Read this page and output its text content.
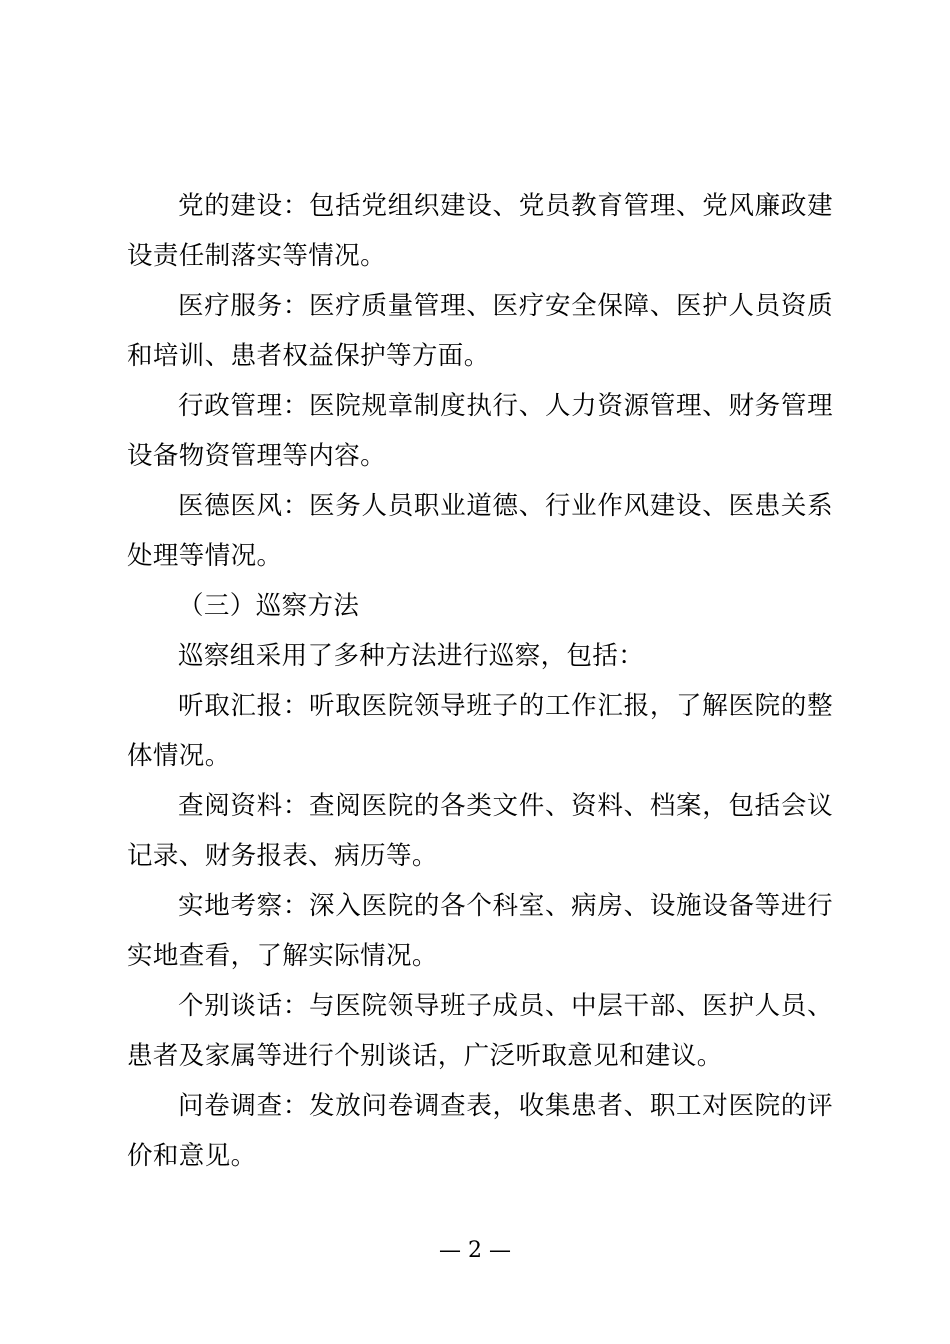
党的建设：包括党组织建设、党员教育管理、党风廉政建设责任制落实等情况。

医疗服务：医疗质量管理、医疗安全保障、医护人员资质和培训、患者权益保护等方面。

行政管理：医院规章制度执行、人力资源管理、财务管理设备物资管理等内容。

医德医风：医务人员职业道德、行业作风建设、医患关系处理等情况。

（三）巡察方法

巡察组采用了多种方法进行巡察，包括：

听取汇报：听取医院领导班子的工作汇报，了解医院的整体情况。

查阅资料：查阅医院的各类文件、资料、档案，包括会议记录、财务报表、病历等。

实地考察：深入医院的各个科室、病房、设施设备等进行实地查看，了解实际情况。

个别谈话：与医院领导班子成员、中层干部、医护人员、患者及家属等进行个别谈话，广泛听取意见和建议。

问卷调查：发放问卷调查表，收集患者、职工对医院的评价和意见。

— 2 —
